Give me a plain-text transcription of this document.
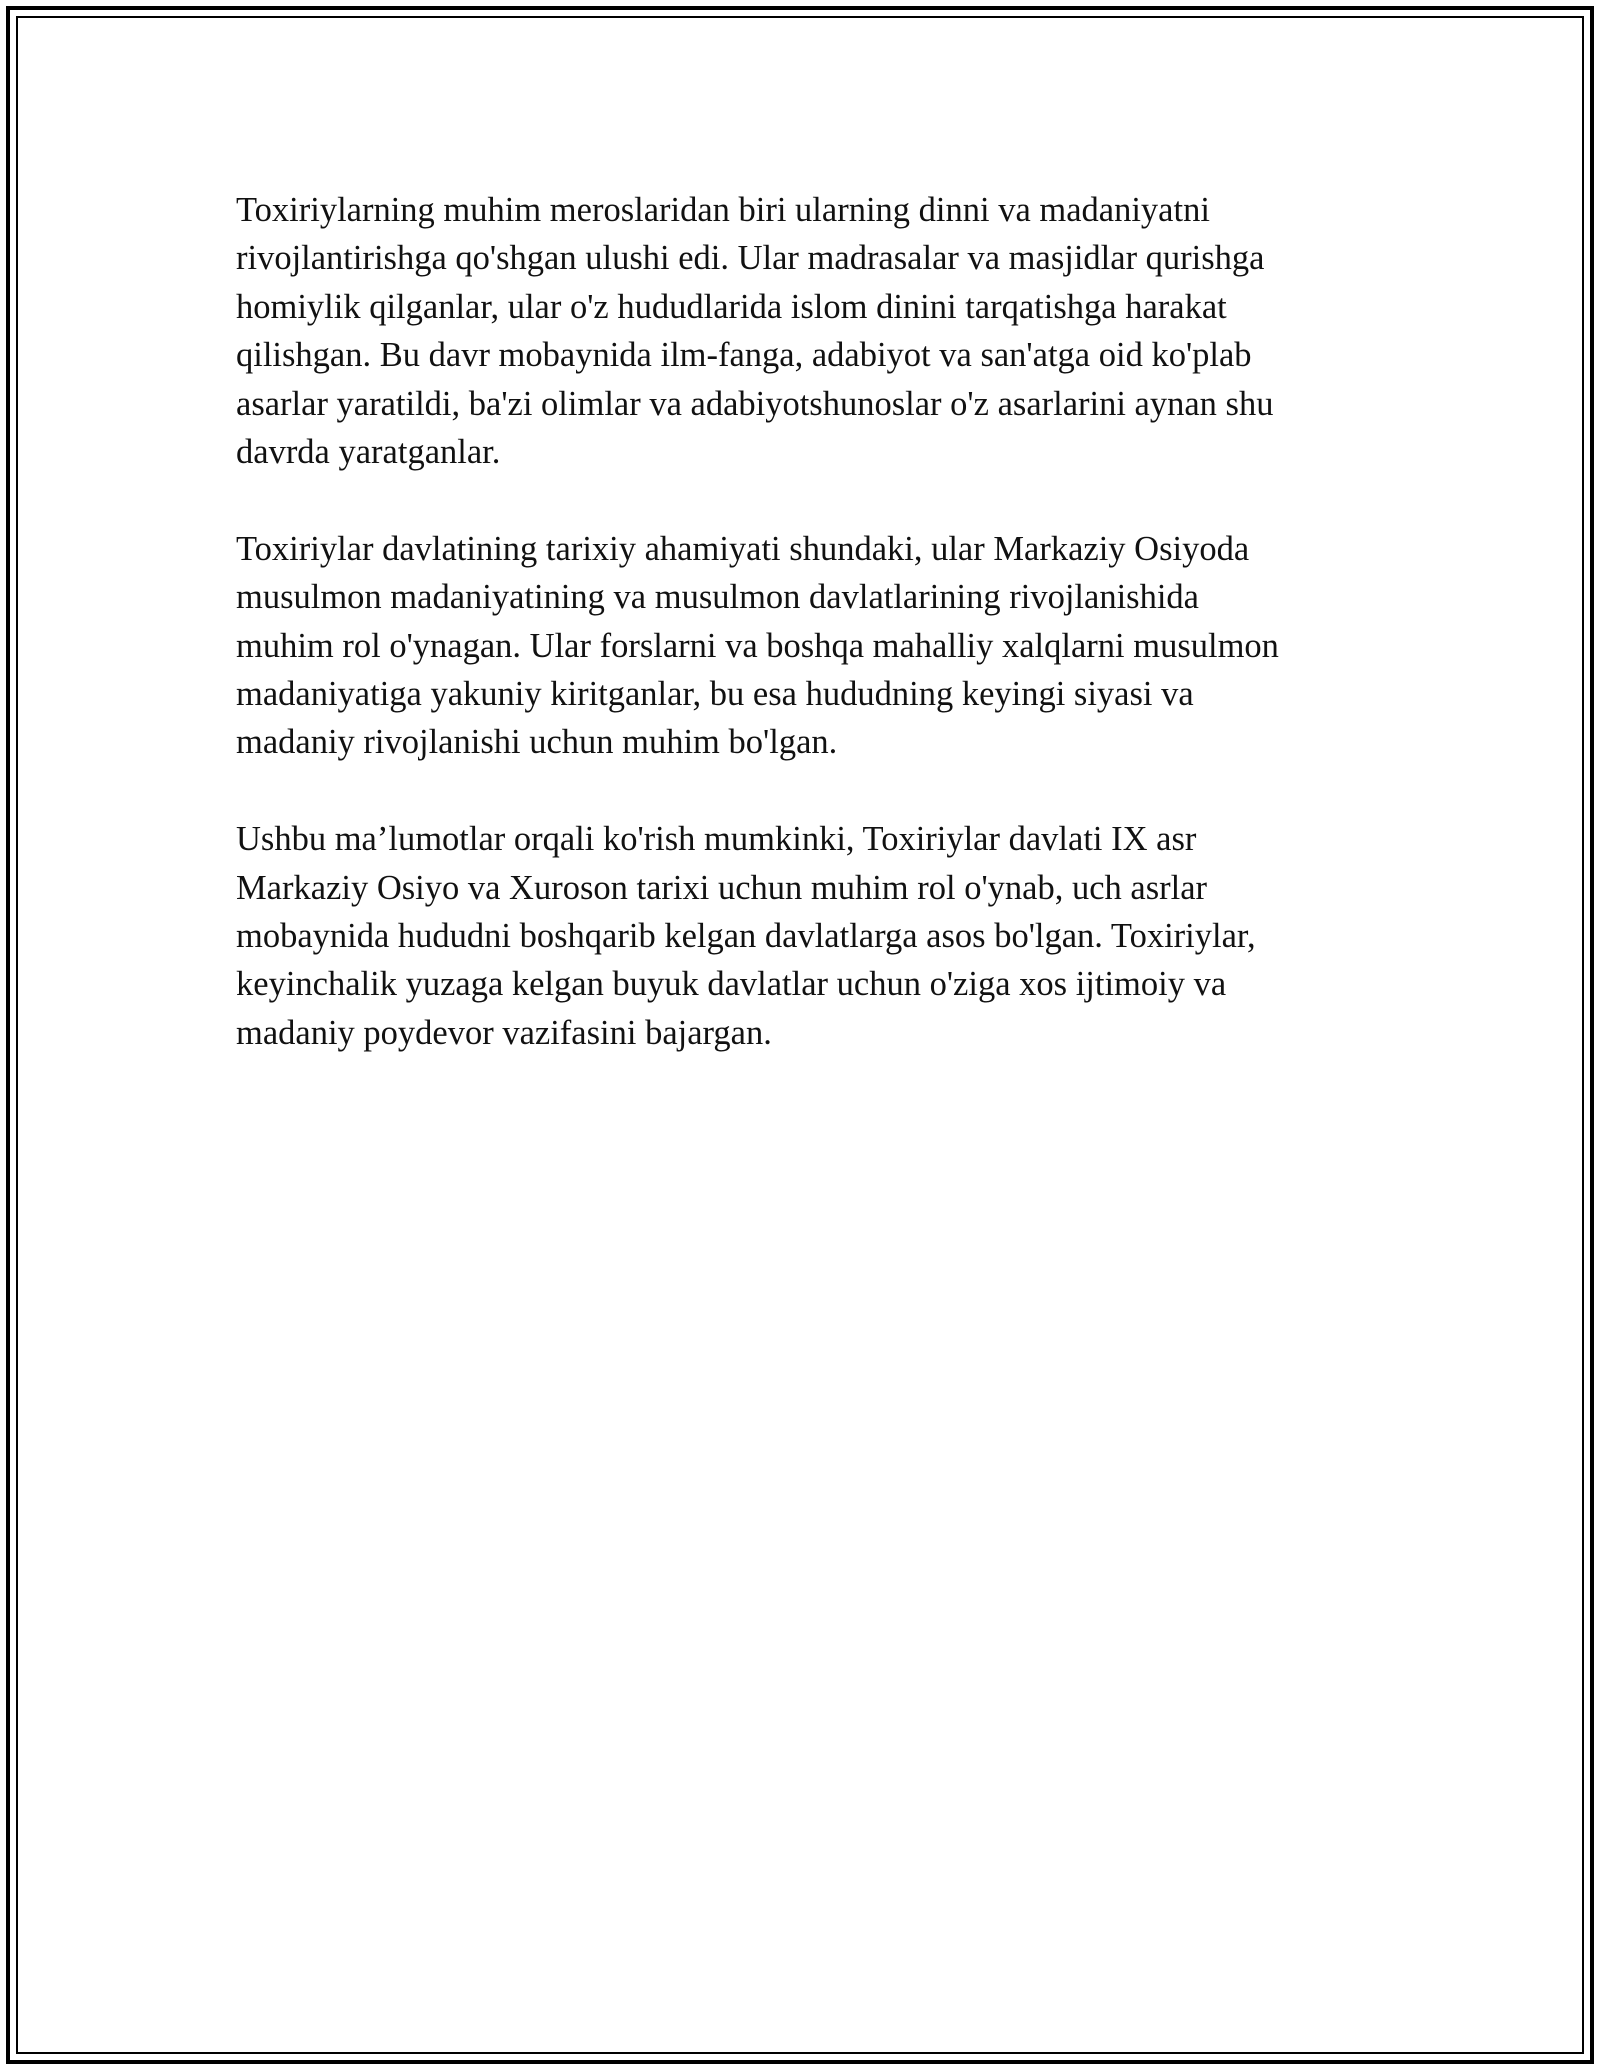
Toxiriylarning muhim meroslaridan biri ularning dinni va madaniyatni
rivojlantirishga qo'shgan ulushi edi. Ular madrasalar va masjidlar qurishga
homiylik qilganlar, ular o'z hududlarida islom dinini tarqatishga harakat
qilishgan. Bu davr mobaynida ilm-fanga, adabiyot va san'atga oid ko'plab
asarlar yaratildi, ba'zi olimlar va adabiyotshunoslar o'z asarlarini aynan shu
davrda yaratganlar.

Toxiriylar davlatining tarixiy ahamiyati shundaki, ular Markaziy Osiyoda
musulmon madaniyatining va musulmon davlatlarining rivojlanishida
muhim rol o'ynagan. Ular forslarni va boshqa mahalliy xalqlarni musulmon
madaniyatiga yakuniy kiritganlar, bu esa hududning keyingi siyasi va
madaniy rivojlanishi uchun muhim bo'lgan.

Ushbu ma’lumotlar orqali ko'rish mumkinki, Toxiriylar davlati IX asr
Markaziy Osiyo va Xuroson tarixi uchun muhim rol o'ynab, uch asrlar
mobaynida hududni boshqarib kelgan davlatlarga asos bo'lgan. Toxiriylar,
keyinchalik yuzaga kelgan buyuk davlatlar uchun o'ziga xos ijtimoiy va
madaniy poydevor vazifasini bajargan.
